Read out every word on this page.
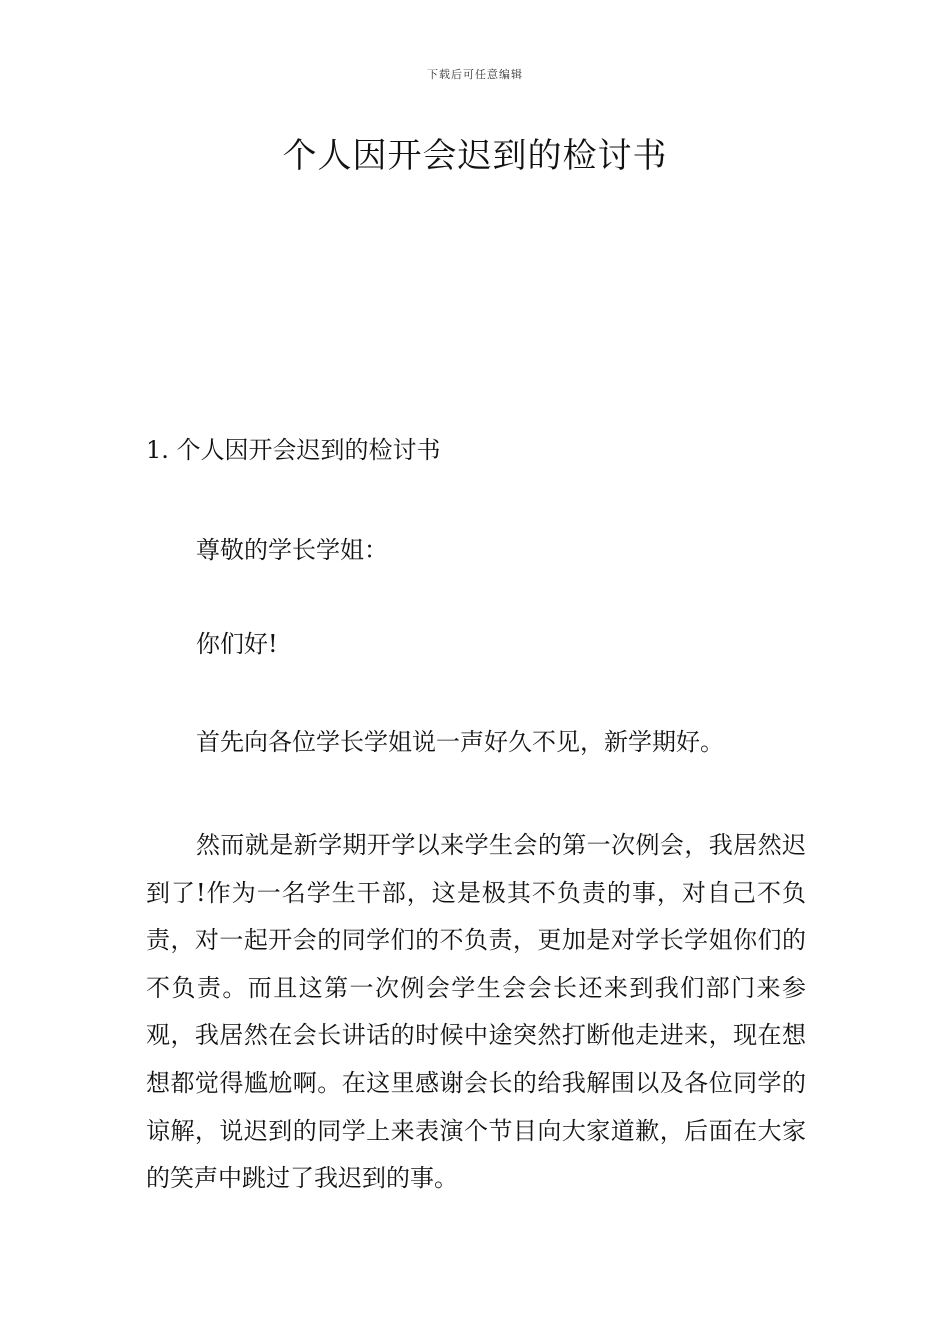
下载后可任意编辑
个人因开会迟到的检讨书

1. 个人因开会迟到的检讨书

尊敬的学长学姐：

你们好!

首先向各位学长学姐说一声好久不见，新学期好。

然而就是新学期开学以来学生会的第一次例会，我居然迟到了!作为一名学生干部，这是极其不负责的事，对自己不负责，对一起开会的同学们的不负责，更加是对学长学姐你们的不负责。而且这第一次例会学生会会长还来到我们部门来参观，我居然在会长讲话的时候中途突然打断他走进来，现在想想都觉得尴尬啊。在这里感谢会长的给我解围以及各位同学的谅解，说迟到的同学上来表演个节目向大家道歉，后面在大家的笑声中跳过了我迟到的事。
